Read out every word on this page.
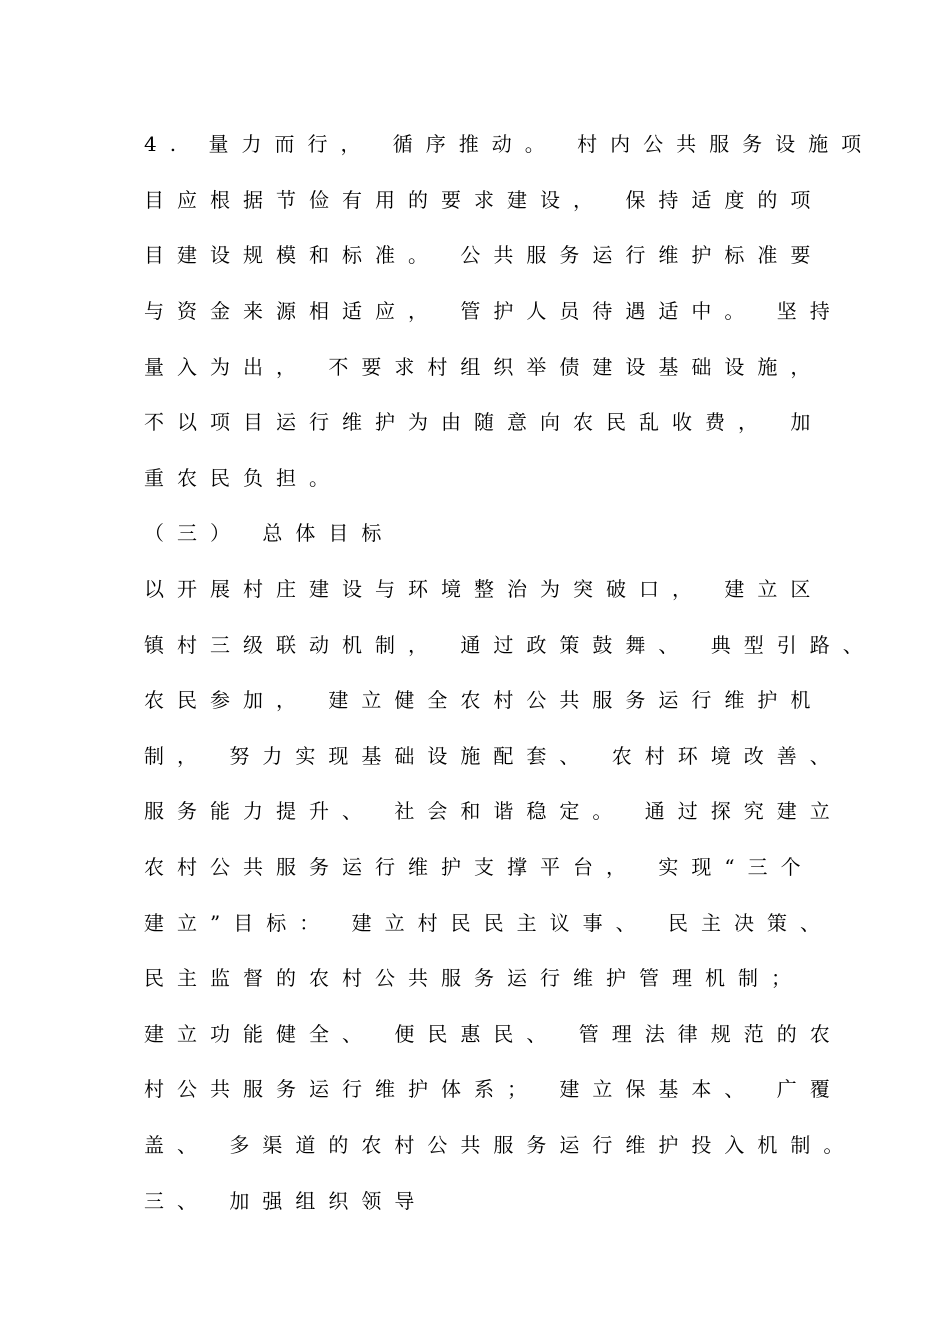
4. 量力而行， 循序推动。 村内公共服务设施项
目应根据节俭有用的要求建设， 保持适度的项
目建设规模和标准。 公共服务运行维护标准要
与资金来源相适应， 管护人员待遇适中。 坚持
量入为出， 不要求村组织举债建设基础设施，
不以项目运行维护为由随意向农民乱收费， 加
重农民负担。
（三） 总体目标
以开展村庄建设与环境整治为突破口， 建立区
镇村三级联动机制， 通过政策鼓舞、 典型引路、
农民参加， 建立健全农村公共服务运行维护机
制， 努力实现基础设施配套、 农村环境改善、
服务能力提升、 社会和谐稳定。 通过探究建立
农村公共服务运行维护支撑平台， 实现“三个
建立”目标： 建立村民民主议事、 民主决策、
民主监督的农村公共服务运行维护管理机制；
建立功能健全、 便民惠民、 管理法律规范的农
村公共服务运行维护体系； 建立保基本、 广覆
盖、 多渠道的农村公共服务运行维护投入机制。
三、 加强组织领导
